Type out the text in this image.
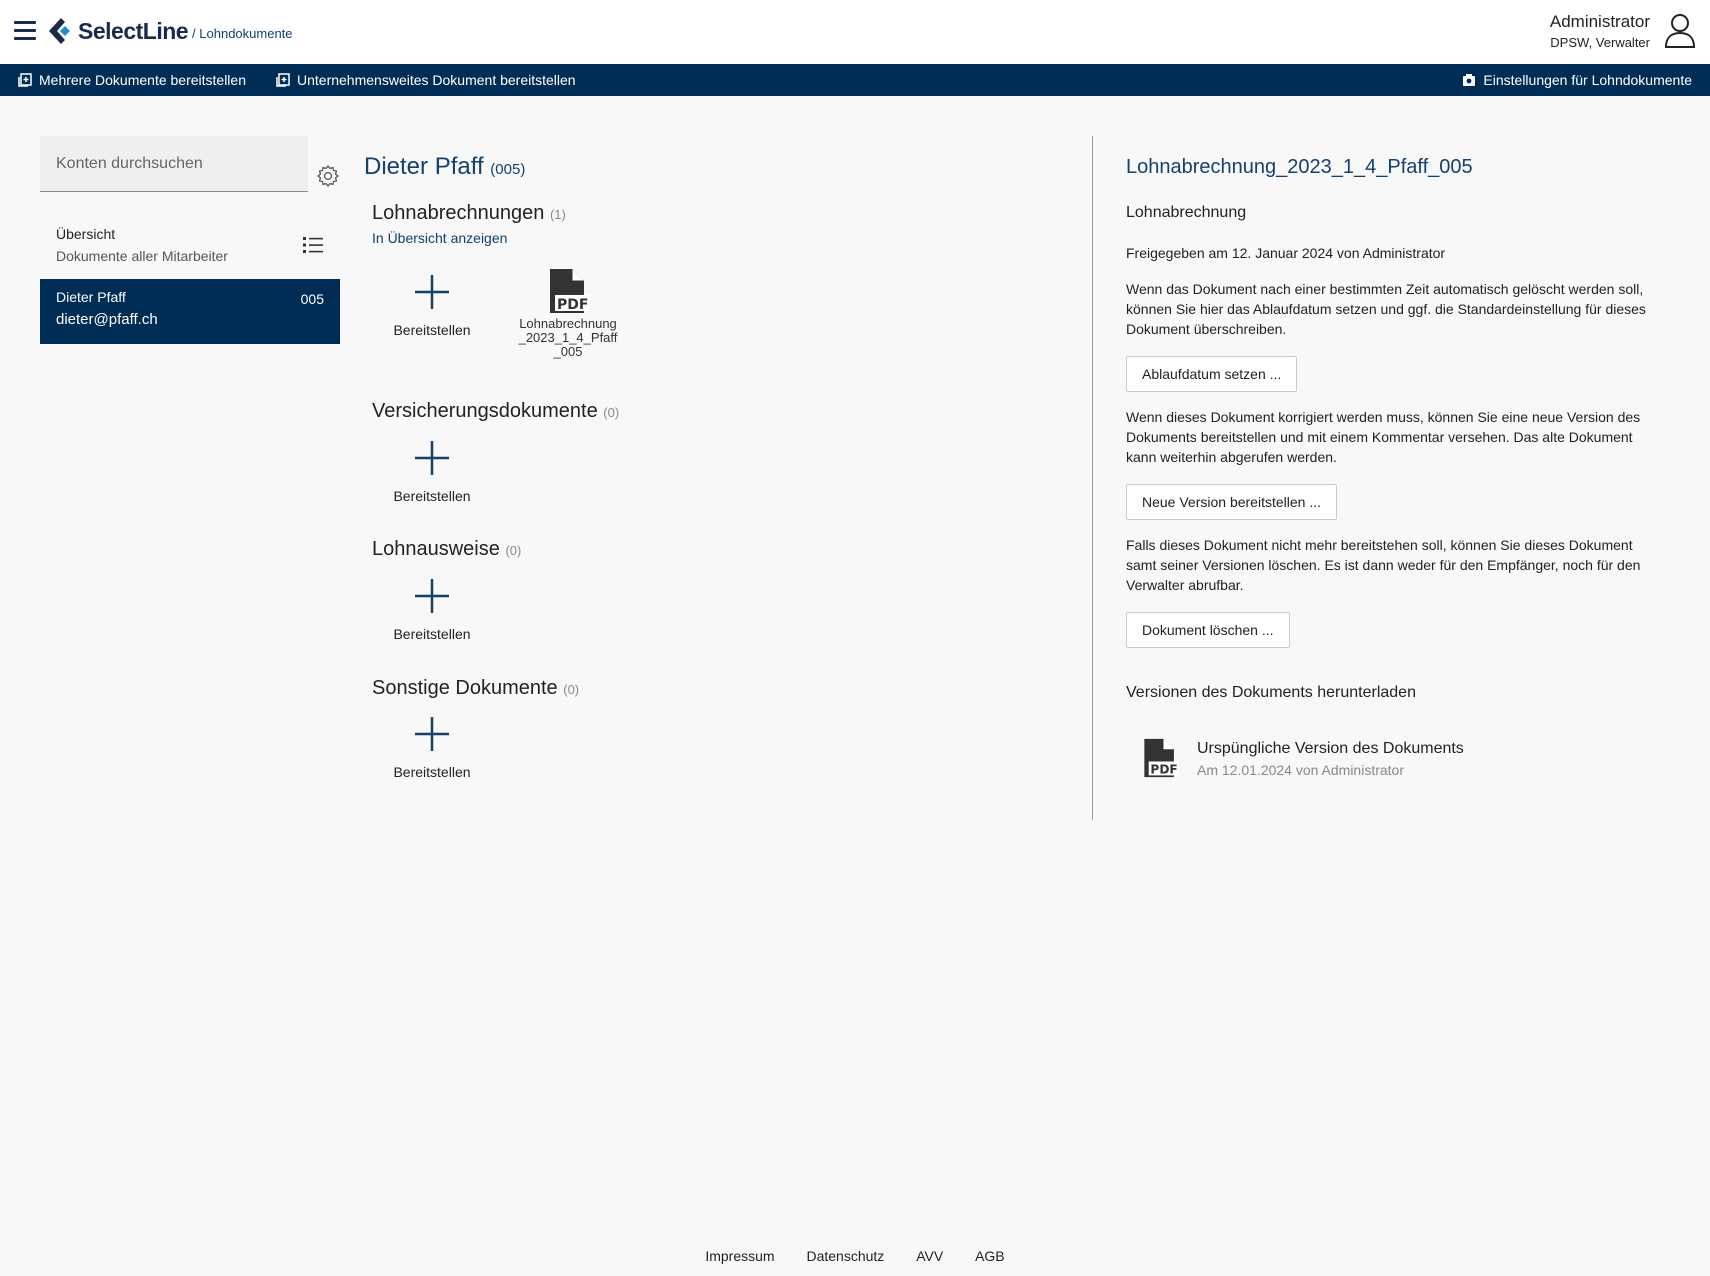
SelectLine / Lohndokumente
Administrator
DPSW, Verwalter
Mehrere Dokumente bereitstellen	Unternehmensweites Dokument bereitstellen	Einstellungen für Lohndokumente
Konten durchsuchen
Übersicht
Dokumente aller Mitarbeiter
Dieter Pfaff
dieter@pfaff.ch
005
Dieter Pfaff (005)
Lohnabrechnungen (1)
In Übersicht anzeigen
Bereitstellen
PDF
Lohnabrechnung_2023_1_4_Pfaff_005
Versicherungsdokumente (0)
Bereitstellen
Lohnausweise (0)
Bereitstellen
Sonstige Dokumente (0)
Bereitstellen
Lohnabrechnung_2023_1_4_Pfaff_005
Lohnabrechnung
Freigegeben am 12. Januar 2024 von Administrator
Wenn das Dokument nach einer bestimmten Zeit automatisch gelöscht werden soll, können Sie hier das Ablaufdatum setzen und ggf. die Standardeinstellung für dieses Dokument überschreiben.
Ablaufdatum setzen ...
Wenn dieses Dokument korrigiert werden muss, können Sie eine neue Version des Dokuments bereitstellen und mit einem Kommentar versehen. Das alte Dokument kann weiterhin abgerufen werden.
Neue Version bereitstellen ...
Falls dieses Dokument nicht mehr bereitstehen soll, können Sie dieses Dokument samt seiner Versionen löschen. Es ist dann weder für den Empfänger, noch für den Verwalter abrufbar.
Dokument löschen ...
Versionen des Dokuments herunterladen
PDF
Urspüngliche Version des Dokuments
Am 12.01.2024 von Administrator
Impressum Datenschutz AVV AGB
